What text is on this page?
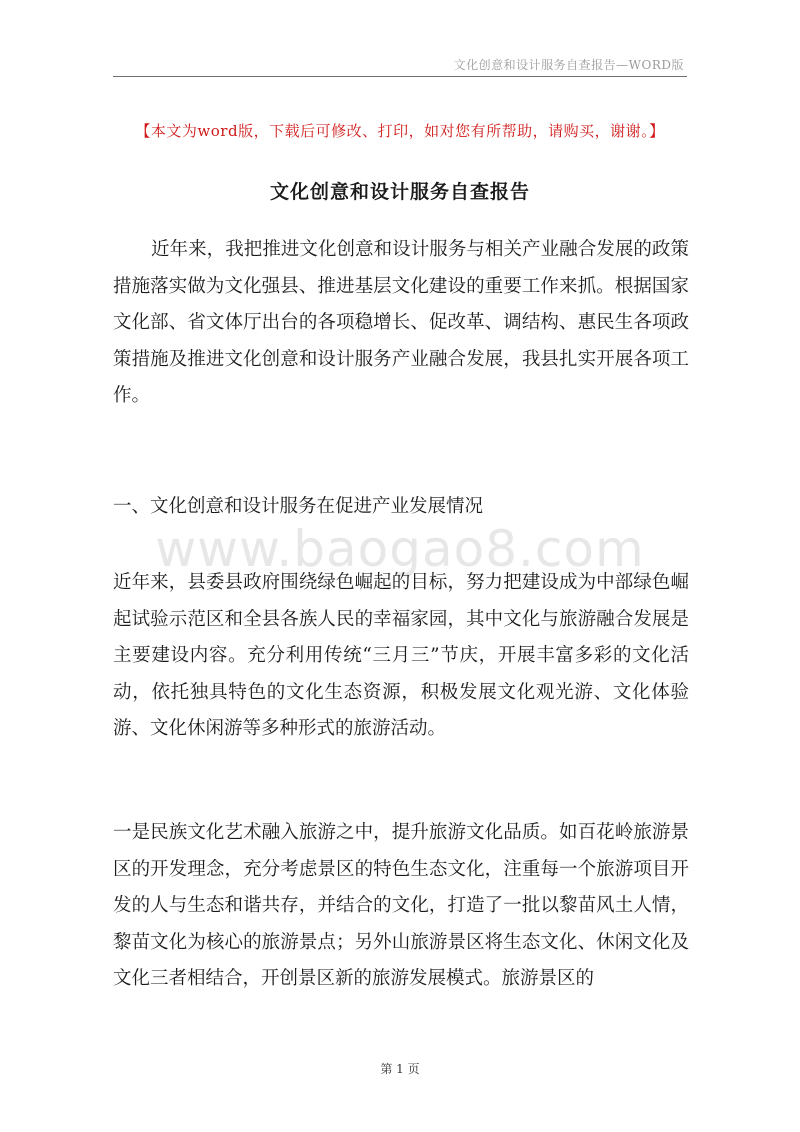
文化创意和设计服务自查报告—WORD版
【本文为word版，下载后可修改、打印，如对您有所帮助，请购买，谢谢。】
文化创意和设计服务自查报告

近年来，我把推进文化创意和设计服务与相关产业融合发展的政策措施落实做为文化强县、推进基层文化建设的重要工作来抓。根据国家文化部、省文体厅出台的各项稳增长、促改革、调结构、惠民生各项政策措施及推进文化创意和设计服务产业融合发展，我县扎实开展各项工作。

一、文化创意和设计服务在促进产业发展情况

www.baogao8.com

近年来，县委县政府围绕绿色崛起的目标，努力把建设成为中部绿色崛起试验示范区和全县各族人民的幸福家园，其中文化与旅游融合发展是主要建设内容。充分利用传统“三月三”节庆，开展丰富多彩的文化活动，依托独具特色的文化生态资源，积极发展文化观光游、文化体验游、文化休闲游等多种形式的旅游活动。

一是民族文化艺术融入旅游之中，提升旅游文化品质。如百花岭旅游景区的开发理念，充分考虑景区的特色生态文化，注重每一个旅游项目开发的人与生态和谐共存，并结合的文化，打造了一批以黎苗风土人情，黎苗文化为核心的旅游景点；另外山旅游景区将生态文化、休闲文化及文化三者相结合，开创景区新的旅游发展模式。旅游景区的

第 1 页
